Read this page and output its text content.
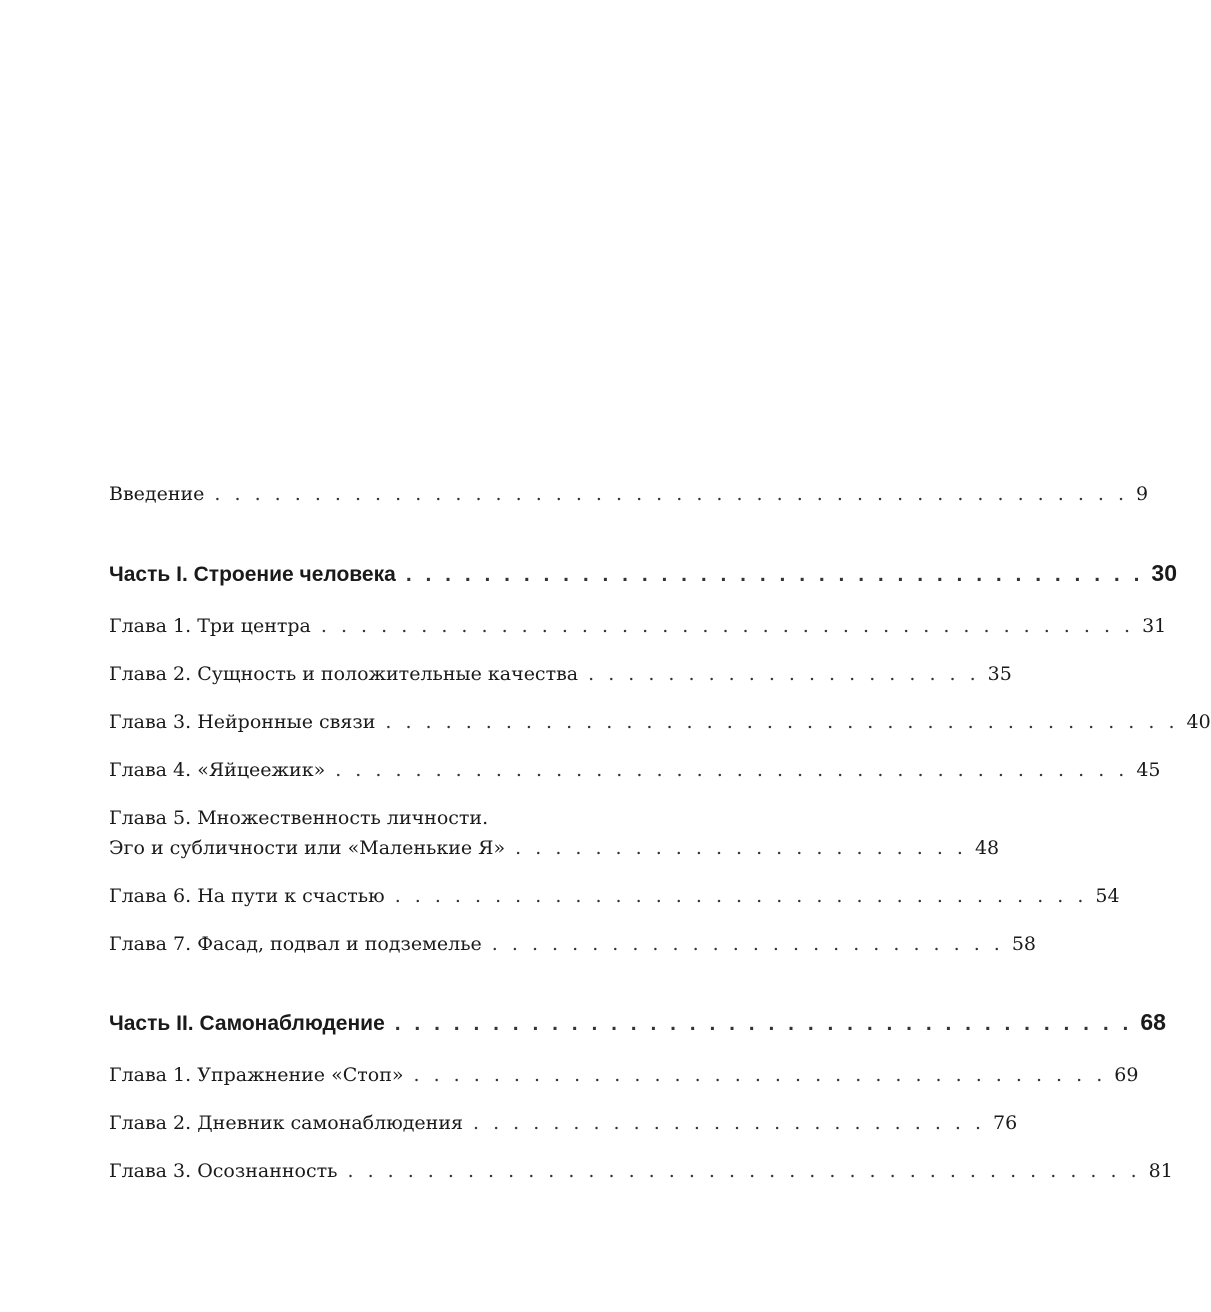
Введение . . . . . . . . . . . . . . . . . . . . . . . . . . . . . . . . . . . . . . . . . . . . . . 9
Часть I. Строение человека . . . . . . . . . . . . . . . . . . . . . . . . . . . . . . . . . . . . . . 30
Глава 1. Три центра . . . . . . . . . . . . . . . . . . . . . . . . . . . . . . . . . . . . . . . . . 31
Глава 2. Сущность и положительные качества . . . . . . . . . . . . . . . . . . . . 35
Глава 3. Нейронные связи . . . . . . . . . . . . . . . . . . . . . . . . . . . . . . . . . . . . . . . . 40
Глава 4. «Яйцеежик» . . . . . . . . . . . . . . . . . . . . . . . . . . . . . . . . . . . . . . . . 45
Глава 5. Множественность личности.
Эго и субличности или «Маленькие Я» . . . . . . . . . . . . . . . . . . . . . . . 48
Глава 6. На пути к счастью . . . . . . . . . . . . . . . . . . . . . . . . . . . . . . . . . . . 54
Глава 7. Фасад, подвал и подземелье . . . . . . . . . . . . . . . . . . . . . . . . . . 58
Часть II. Самонаблюдение . . . . . . . . . . . . . . . . . . . . . . . . . . . . . . . . . . . . . . 68
Глава 1. Упражнение «Стоп» . . . . . . . . . . . . . . . . . . . . . . . . . . . . . . . . . . . 69
Глава 2. Дневник самонаблюдения . . . . . . . . . . . . . . . . . . . . . . . . . . 76
Глава 3. Осознанность . . . . . . . . . . . . . . . . . . . . . . . . . . . . . . . . . . . . . . . . 81
